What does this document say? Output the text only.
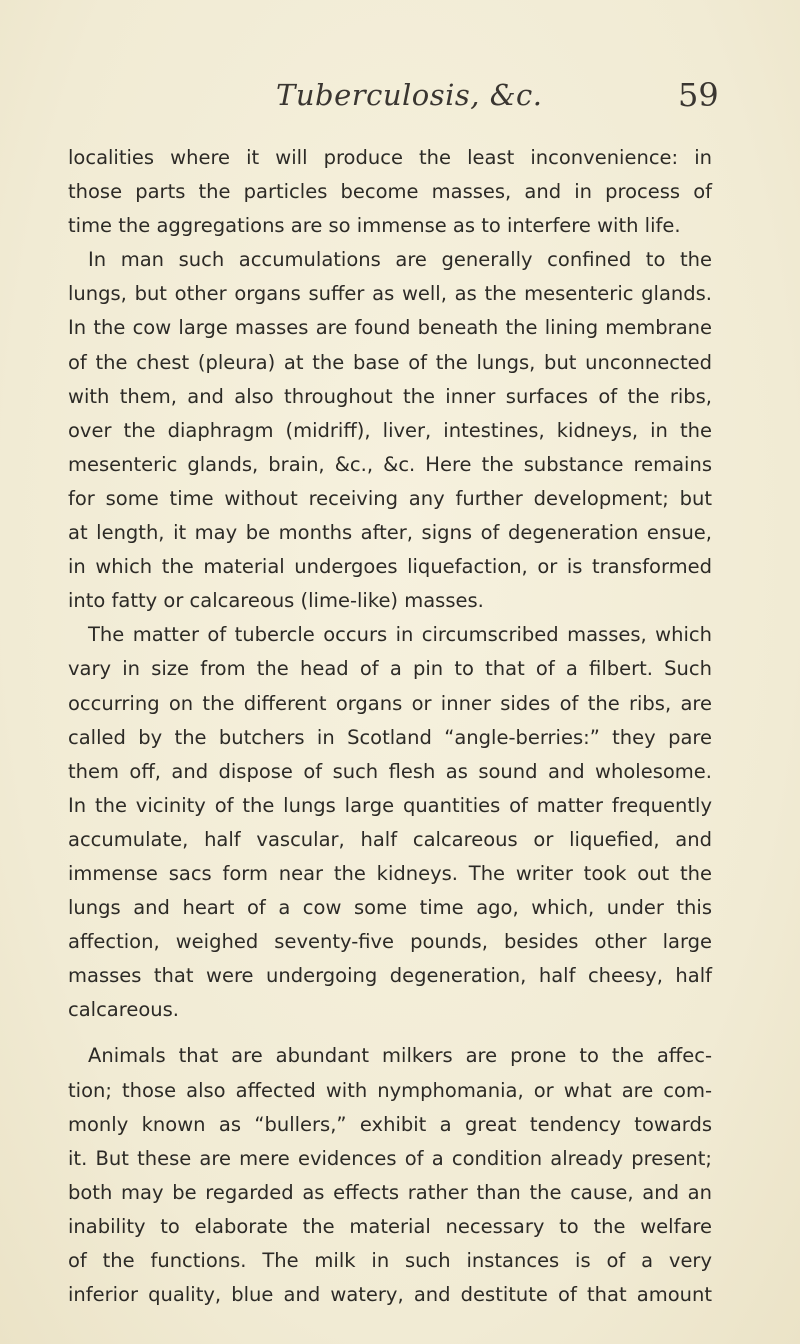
Tuberculosis, &c.	59
localities where it will produce the least inconvenience: in
those parts the particles become masses, and in process of
time the aggregations are so immense as to interfere with life.
In man such accumulations are generally confined to the
lungs, but other organs suffer as well, as the mesenteric glands.
In the cow large masses are found beneath the lining membrane
of the chest (pleura) at the base of the lungs, but unconnected
with them, and also throughout the inner surfaces of the ribs,
over the diaphragm (midriff), liver, intestines, kidneys, in the
mesenteric glands, brain, &c., &c. Here the substance remains
for some time without receiving any further development; but
at length, it may be months after, signs of degeneration ensue,
in which the material undergoes liquefaction, or is transformed
into fatty or calcareous (lime-like) masses.
The matter of tubercle occurs in circumscribed masses, which
vary in size from the head of a pin to that of a filbert. Such
occurring on the different organs or inner sides of the ribs, are
called by the butchers in Scotland “angle-berries:” they pare
them off, and dispose of such flesh as sound and wholesome.
In the vicinity of the lungs large quantities of matter frequently
accumulate, half vascular, half calcareous or liquefied, and
immense sacs form near the kidneys. The writer took out the
lungs and heart of a cow some time ago, which, under this
affection, weighed seventy-five pounds, besides other large
masses that were undergoing degeneration, half cheesy, half
calcareous.
Animals that are abundant milkers are prone to the affec-
tion; those also affected with nymphomania, or what are com-
monly known as “bullers,” exhibit a great tendency towards
it. But these are mere evidences of a condition already present;
both may be regarded as effects rather than the cause, and an
inability to elaborate the material necessary to the welfare
of the functions. The milk in such instances is of a very
inferior quality, blue and watery, and destitute of that amount
